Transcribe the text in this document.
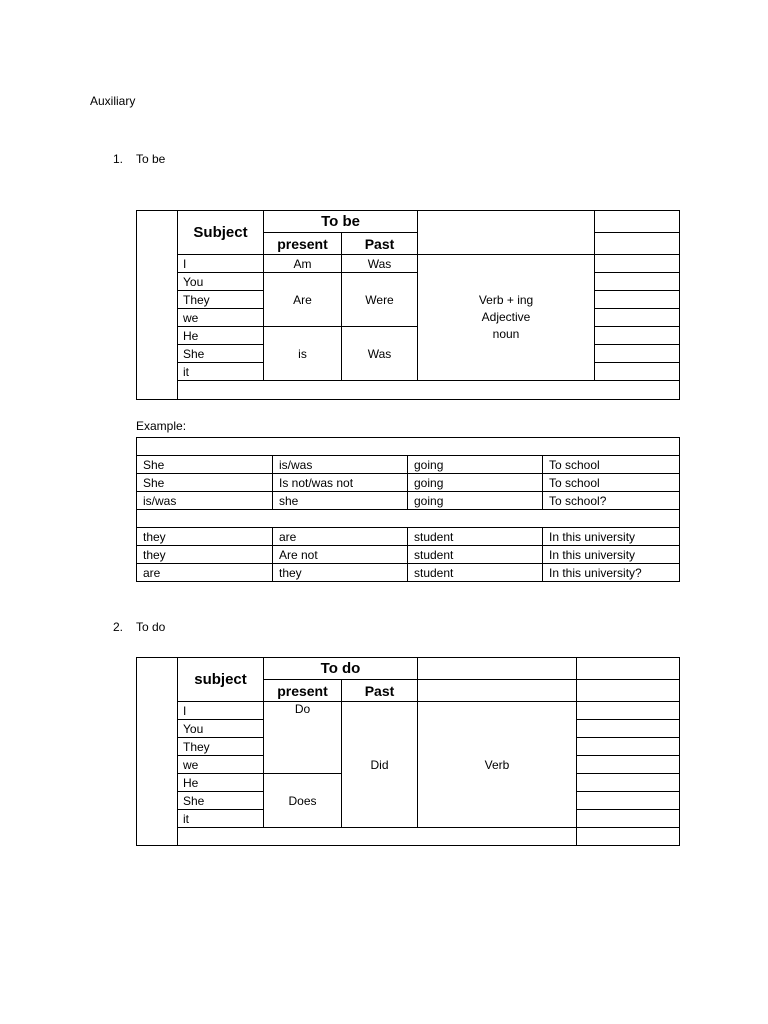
Auxiliary
1. To be
	Subject	To be			
		present	Past		
	I	Am	Was	Verb + ing
Adjective
noun	

	You	Are	Were		
	They				
	we				
	He	is	Was		
	She				
	it				

Example:

She	is/was	going	To school
She	Is not/was not	going	To school
is/was	she	going	To school?

they	are	student	In this university
they	Are not	student	In this university
are	they	student	In this university?
2. To do
	subject	To do			
		present	Past		
	I	Do	Did	Verb	
	You				
	They				
	we				
	He	Does			
	She				
	it				
